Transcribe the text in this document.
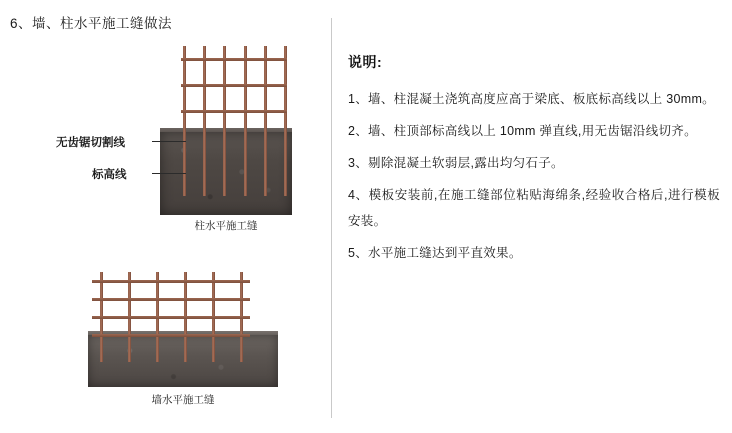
6、墙、柱水平施工缝做法
无齿锯切割线
标高线
柱水平施工缝
墙水平施工缝
说明:
1、墙、柱混凝土浇筑高度应高于梁底、板底标高线以上 30mm。
2、墙、柱顶部标高线以上 10mm 弹直线,用无齿锯沿线切齐。
3、剔除混凝土软弱层,露出均匀石子。
4、模板安装前,在施工缝部位粘贴海绵条,经验收合格后,进行模板安装。
5、水平施工缝达到平直效果。
